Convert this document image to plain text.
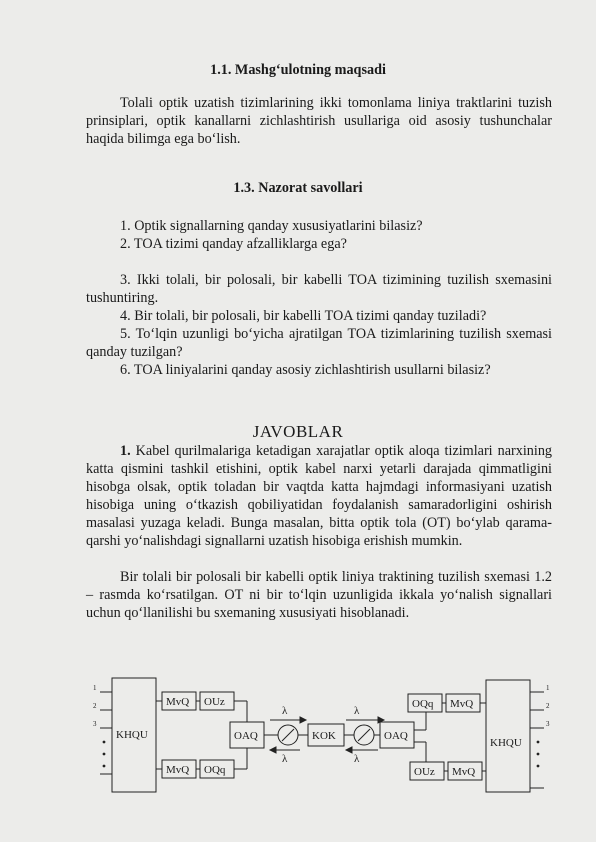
1.1. Mashg‘ulotning maqsadi
Tolali optik uzatish tizimlarining ikki tomonlama liniya traktlarini tuzish prinsiplari, optik kanallarni zichlashtirish usullariga oid asosiy tushunchalar haqida bilimga ega bo‘lish.
1.3. Nazorat savollari
1. Optik signallarning qanday xususiyatlarini bilasiz?
2. TOA tizimi qanday afzalliklarga ega?
3. Ikki tolali, bir polosali, bir kabelli TOA tizimining tuzilish sxemasini tushuntiring.
4. Bir tolali, bir polosali, bir kabelli TOA tizimi qanday tuziladi?
5. To‘lqin uzunligi bo‘yicha ajratilgan TOA tizimlarining tuzilish sxemasi qanday tuzilgan?
6. TOA liniyalarini qanday asosiy zichlashtirish usullarni bilasiz?
JAVOBLAR
1. Kabel qurilmalariga ketadigan xarajatlar optik aloqa tizimlari narxining katta qismini tashkil etishini, optik kabel narxi yetarli darajada qimmatligini hisobga olsak, optik toladan bir vaqtda katta hajmdagi informasiyani uzatish hisobiga uning o‘tkazish qobiliyatidan foydalanish samaradorligini oshirish masalasi yuzaga keladi. Bunga masalan, bitta optik tola (OT) bo‘ylab qarama-qarshi yo‘nalishdagi signallarni uzatish hisobiga erishish mumkin.
Bir tolali bir polosali bir kabelli optik liniya traktining tuzilish sxemasi 1.2 – rasmda ko‘rsatilgan. OT ni bir to‘lqin uzunligida ikkala yo‘nalish signallari uchun qo‘llanilishi bu sxemaning xususiyati hisoblanadi.
KHQU
MvQ OUz
MvQ OQq
OAQ	KOK	OAQ
OQq MvQ
OUz MvQ
KHQU
λ
λ
λ
λ
1
2
3
1
2
3
